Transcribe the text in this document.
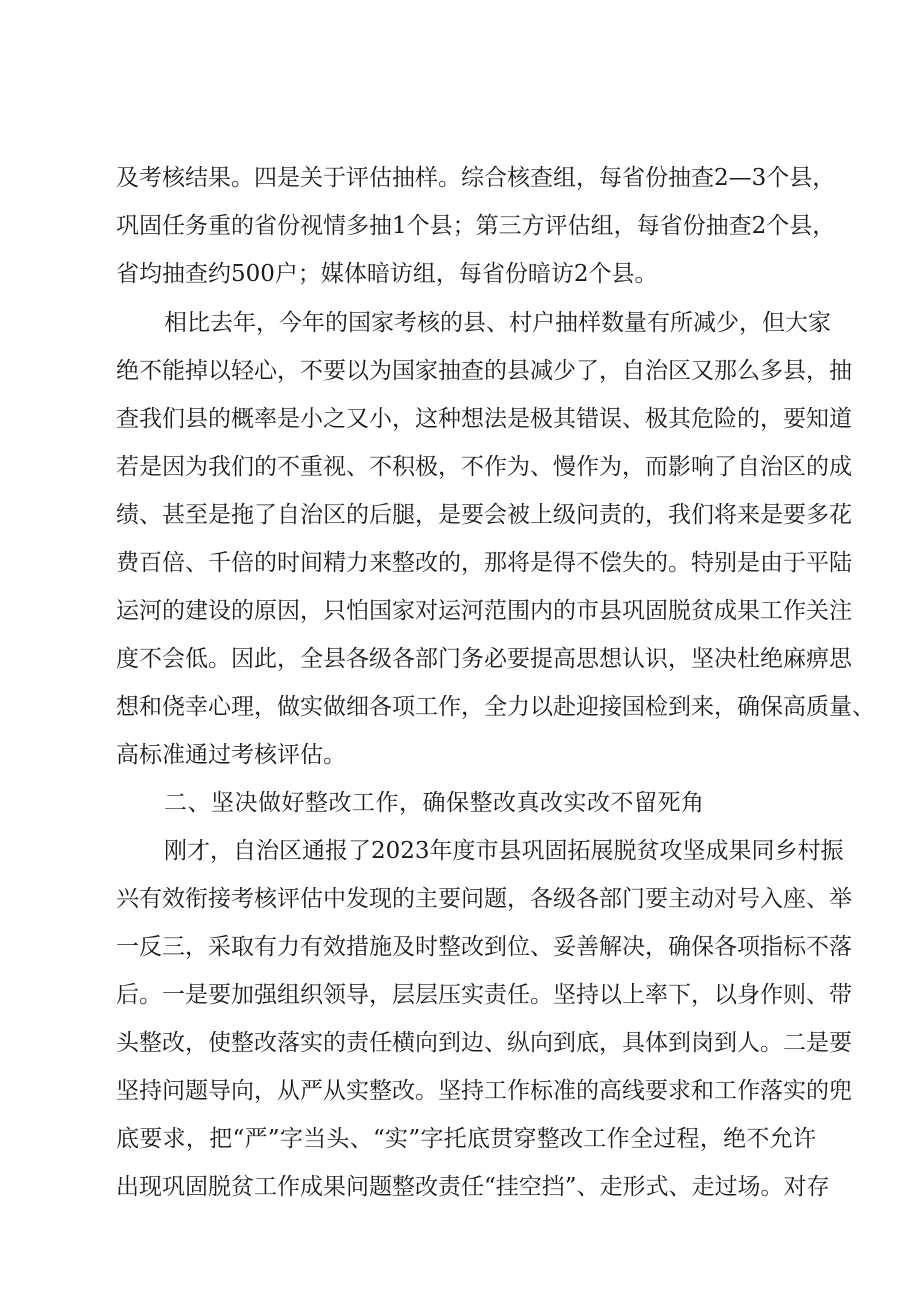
及考核结果。四是关于评估抽样。综合核查组，每省份抽查2—3个县，
巩固任务重的省份视情多抽1个县；第三方评估组，每省份抽查2个县，
省均抽查约500户；媒体暗访组，每省份暗访2个县。
相比去年，今年的国家考核的县、村户抽样数量有所减少，但大家
绝不能掉以轻心，不要以为国家抽查的县减少了，自治区又那么多县，抽
查我们县的概率是小之又小，这种想法是极其错误、极其危险的，要知道
若是因为我们的不重视、不积极，不作为、慢作为，而影响了自治区的成
绩、甚至是拖了自治区的后腿，是要会被上级问责的，我们将来是要多花
费百倍、千倍的时间精力来整改的，那将是得不偿失的。特别是由于平陆
运河的建设的原因，只怕国家对运河范围内的市县巩固脱贫成果工作关注
度不会低。因此，全县各级各部门务必要提高思想认识，坚决杜绝麻痹思
想和侥幸心理，做实做细各项工作，全力以赴迎接国检到来，确保高质量、
高标准通过考核评估。
二、坚决做好整改工作，确保整改真改实改不留死角
刚才，自治区通报了2023年度市县巩固拓展脱贫攻坚成果同乡村振
兴有效衔接考核评估中发现的主要问题，各级各部门要主动对号入座、举
一反三，采取有力有效措施及时整改到位、妥善解决，确保各项指标不落
后。一是要加强组织领导，层层压实责任。坚持以上率下，以身作则、带
头整改，使整改落实的责任横向到边、纵向到底，具体到岗到人。二是要
坚持问题导向，从严从实整改。坚持工作标准的高线要求和工作落实的兜
底要求，把“严”字当头、“实”字托底贯穿整改工作全过程，绝不允许
出现巩固脱贫工作成果问题整改责任“挂空挡”、走形式、走过场。对存
